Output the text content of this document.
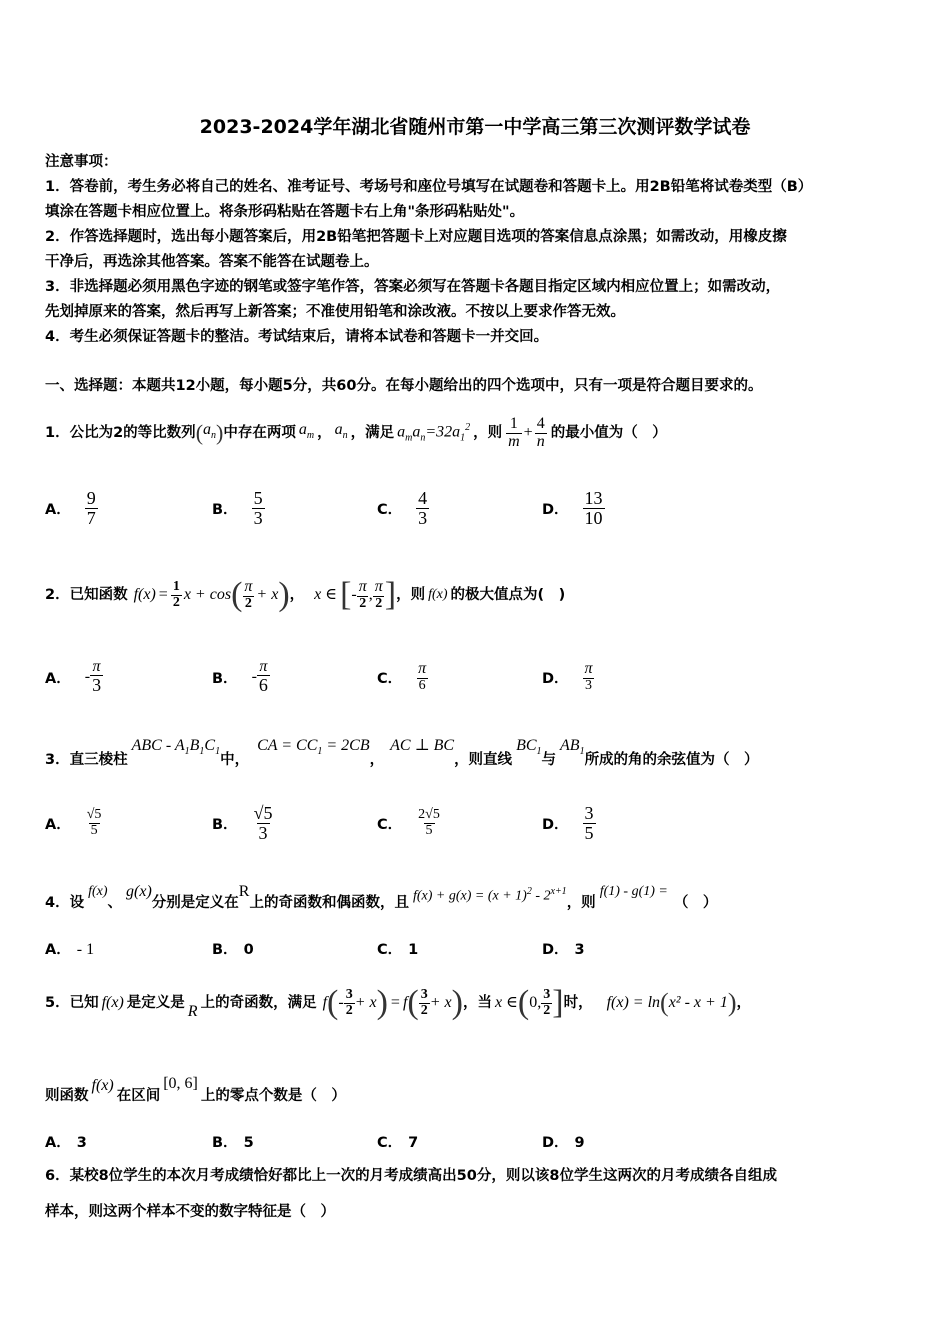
2023-2024学年湖北省随州市第一中学高三第三次测评数学试卷
注意事项：
1．答卷前，考生务必将自己的姓名、准考证号、考场号和座位号填写在试题卷和答题卡上。用2B铅笔将试卷类型（B）
填涂在答题卡相应位置上。将条形码粘贴在答题卡右上角"条形码粘贴处"。
2．作答选择题时，选出每小题答案后，用2B铅笔把答题卡上对应题目选项的答案信息点涂黑；如需改动，用橡皮擦
干净后，再选涂其他答案。答案不能答在试题卷上。
3．非选择题必须用黑色字迹的钢笔或签字笔作答，答案必须写在答题卡各题目指定区域内相应位置上；如需改动，
先划掉原来的答案，然后再写上新答案；不准使用铅笔和涂改液。不按以上要求作答无效。
4．考生必须保证答题卡的整洁。考试结束后，请将本试卷和答题卡一并交回。
一、选择题：本题共12小题，每小题5分，共60分。在每小题给出的四个选项中，只有一项是符合题目要求的。
1．公比为2的等比数列 ( $a_n$ ) 中存在两项 $a_m$ ， $a_n$ ，满足 $a_ma_n=32a_1^2$ ，则 $\frac{1}{m} + \frac{4}{n}$ 的最小值为（　）
A． $\frac{9}{7}$	B． $\frac{5}{3}$	C． $\frac{4}{3}$	D． $\frac{13}{10}$
2．已知函数 $f(x) = \frac{1}{2}$ x + cos ( $\frac{\pi}{2} + x$ ) ， x ∈ [ - $\frac{\pi}{2}$ , $\frac{\pi}{2}$ ] ，则 f(x) 的极大值点为(　)
A． - $\frac{\pi}{3}$	B． - $\frac{\pi}{6}$	C． $\frac{\pi}{6}$	D． $\frac{\pi}{3}$
3．直三棱柱
ABC - $A_1B_1C_1$
中，
CA = $CC_1 = 2CB$
，
AC ⊥ BC
，则直线
$BC_1$
与
$AB_1$
所成的角的余弦值为（　）
A． $\frac{√5}{5}$	B． $\frac{√5}{3}$	C． $\frac{2√5}{5}$	D． $\frac{3}{5}$
4．设
f(x)
、
g(x)
分别是定义在
R
上的奇函数和偶函数，且 $f(x) + g(x) = (x + 1)^2 - 2^{x+1}$
，则
f(1) - g(1) =
（　）
A． - 1	B． 0	C． 1	D． 3
5．已知 f(x) 是定义是 R 上的奇函数，满足 f ( - $\frac{3}{2} + x$ ) = f ( $\frac{3}{2} + x$ ) ，当 x ∈ ( 0, $\frac{3}{2}$ ] 时， f(x) = ln ( x² - x + 1 ) ，
则函数
f(x)
在区间
[0, 6]
上的零点个数是（　）
A． 3	B． 5	C． 7	D． 9
6．某校8位学生的本次月考成绩恰好都比上一次的月考成绩高出50分，则以该8位学生这两次的月考成绩各自组成
样本，则这两个样本不变的数字特征是（　）
